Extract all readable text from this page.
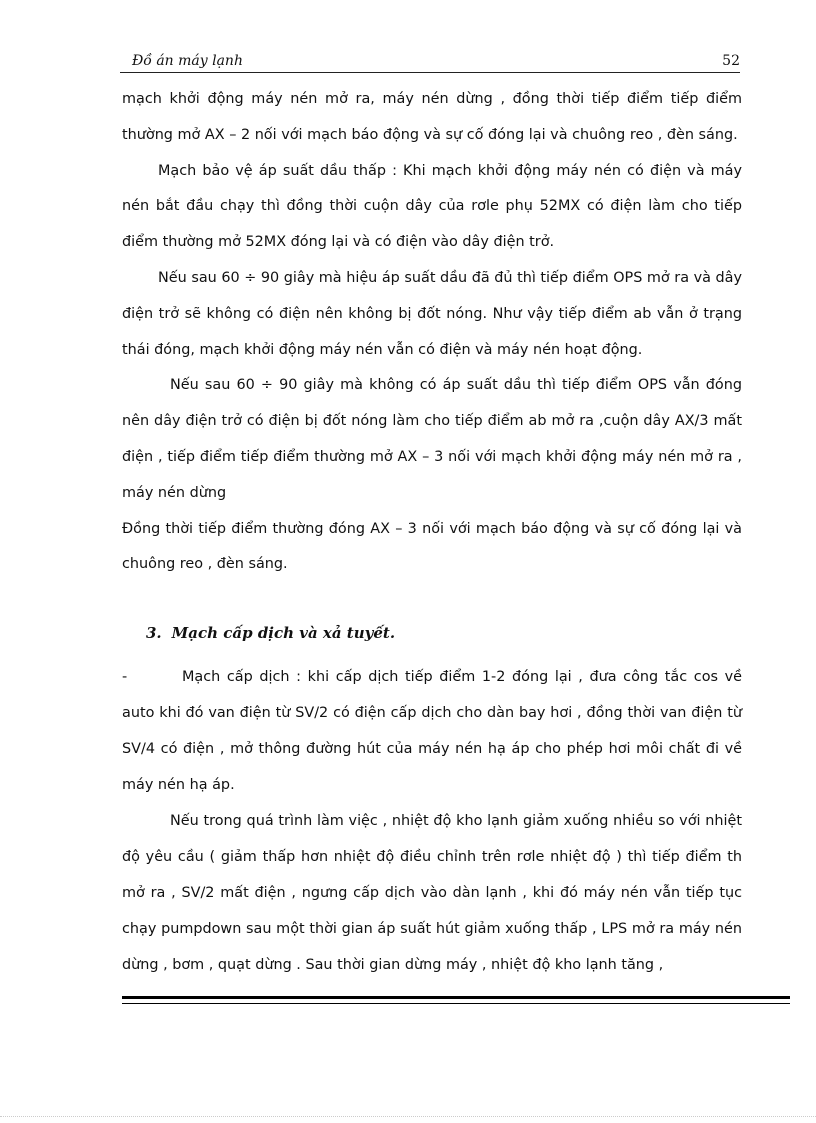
Đồ án máy lạnh	52

mạch khởi động máy nén mở ra, máy nén dừng , đồng thời tiếp điểm tiếp điểm thường mở AX – 2 nối với mạch báo động và sự cố đóng lại và chuông reo , đèn sáng.

Mạch bảo vệ áp suất dầu thấp : Khi mạch khởi động máy nén có điện và máy nén bắt đầu chạy thì đồng thời cuộn dây của rơle phụ 52MX có điện làm cho tiếp điểm thường mở 52MX đóng lại và có điện vào dây điện trở.

Nếu sau 60 ÷ 90 giây mà hiệu áp suất dầu đã đủ thì tiếp điểm OPS mở ra và dây điện trở sẽ không có điện nên không bị đốt nóng. Như vậy tiếp điểm ab vẫn ở trạng thái đóng, mạch khởi động máy nén vẫn có điện và máy nén hoạt động.

Nếu sau 60 ÷ 90 giây mà không có áp suất dầu thì tiếp điểm OPS vẫn đóng nên dây điện trở có điện bị đốt nóng làm cho tiếp điểm ab mở ra ,cuộn dây AX/3 mất điện , tiếp điểm tiếp điểm thường mở AX – 3 nối với mạch khởi động máy nén mở ra , máy nén dừng

Đồng thời tiếp điểm thường đóng AX – 3 nối với mạch báo động và sự cố đóng lại và chuông reo , đèn sáng.

3. Mạch cấp dịch và xả tuyết.

-	Mạch cấp dịch : khi cấp dịch tiếp điểm 1-2 đóng lại , đưa công tắc cos về auto khi đó van điện từ SV/2 có điện cấp dịch cho dàn bay hơi , đồng thời van điện từ SV/4 có điện , mở thông đường hút của máy nén hạ áp cho phép hơi môi chất đi về máy nén hạ áp.

Nếu trong quá trình làm việc , nhiệt độ kho lạnh giảm xuống nhiều so với nhiệt độ yêu cầu ( giảm thấp hơn nhiệt độ điều chỉnh trên rơle nhiệt độ ) thì tiếp điểm th mở ra , SV/2 mất điện , ngưng cấp dịch vào dàn lạnh , khi đó máy nén vẫn tiếp tục chạy pumpdown sau một thời gian áp suất hút giảm xuống thấp , LPS mở ra máy nén dừng , bơm , quạt dừng . Sau thời gian dừng máy , nhiệt độ kho lạnh tăng ,
